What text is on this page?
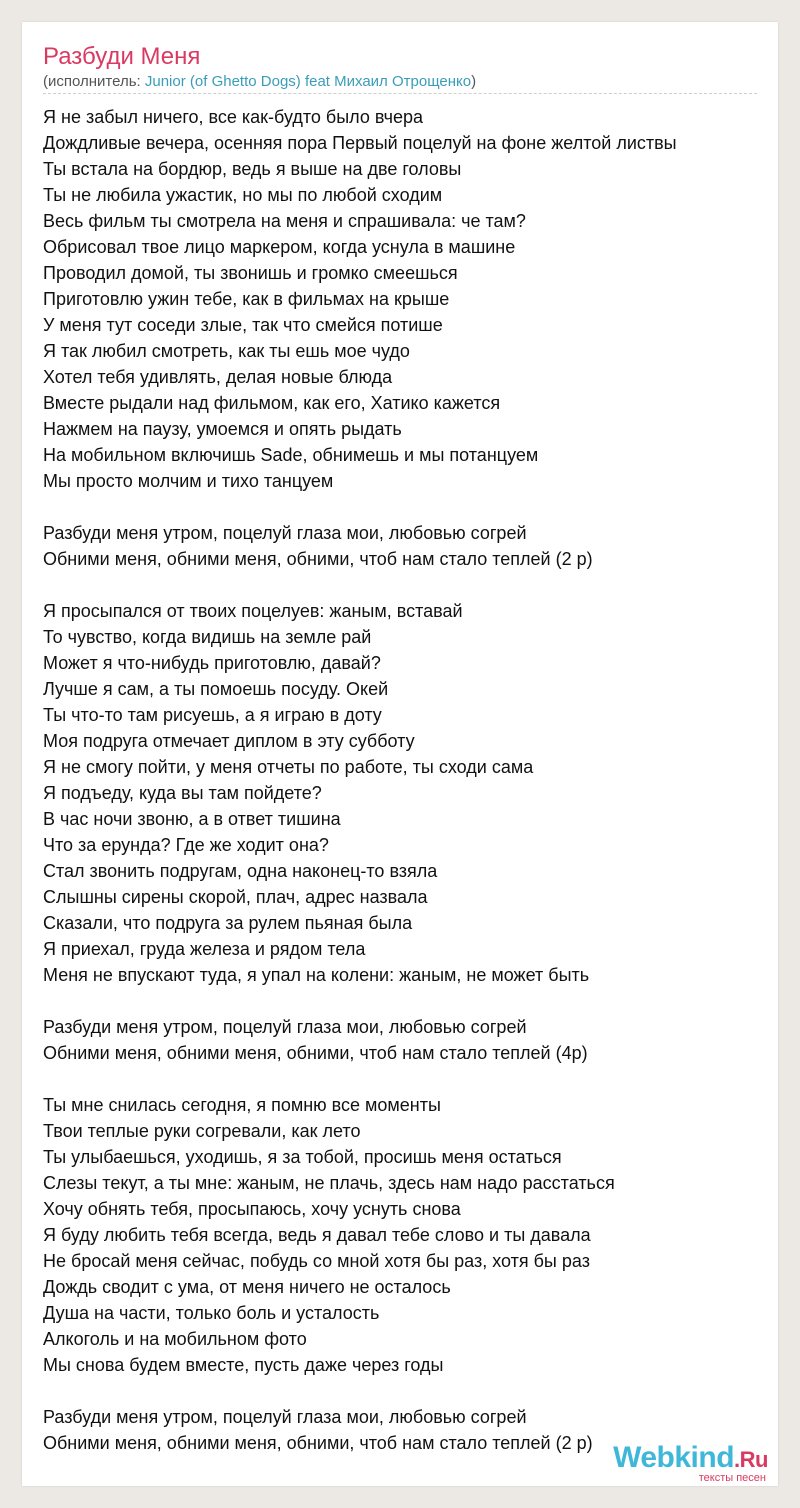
Разбуди Меня
(исполнитель: Junior (of Ghetto Dogs) feat Михаил Отрощенко)
Я не забыл ничего, все как-будто было вчера
Дождливые вечера, осенняя пора Первый поцелуй на фоне желтой листвы
Ты встала на бордюр, ведь я выше на две головы
Ты не любила ужастик, но мы по любой сходим
Весь фильм ты смотрела на меня и спрашивала: че там?
Обрисовал твое лицо маркером, когда уснула в машине
Проводил домой, ты звонишь и громко смеешься
Приготовлю ужин тебе, как в фильмах на крыше
У меня тут соседи злые, так что смейся потише
Я так любил смотреть, как ты ешь мое чудо
Хотел тебя удивлять, делая новые блюда
Вместе рыдали над фильмом, как его, Хатико кажется
Нажмем на паузу, умоемся и опять рыдать
На мобильном включишь Sade, обнимешь и мы потанцуем
Мы просто молчим и тихо танцуем
Разбуди меня утром, поцелуй глаза мои, любовью согрей
Обними меня, обними меня, обними, чтоб нам стало теплей (2 р)
Я просыпался от твоих поцелуев: жаным, вставай
То чувство, когда видишь на земле рай
Может я что-нибудь приготовлю, давай?
Лучше я сам, а ты помоешь посуду. Окей
Ты что-то там рисуешь, а я играю в доту
Моя подруга отмечает диплом в эту субботу
Я не смогу пойти, у меня отчеты по работе, ты сходи сама
Я подъеду, куда вы там пойдете?
В час ночи звоню, а в ответ тишина
Что за ерунда? Где же ходит она?
Стал звонить подругам, одна наконец-то взяла
Слышны сирены скорой, плач, адрес назвала
Сказали, что подруга за рулем пьяная была
Я приехал, груда железа и рядом тела
Меня не впускают туда, я упал на колени: жаным, не может быть
Разбуди меня утром, поцелуй глаза мои, любовью согрей
Обними меня, обними меня, обними, чтоб нам стало теплей (4р)
Ты мне снилась сегодня, я помню все моменты
Твои теплые руки согревали, как лето
Ты улыбаешься, уходишь, я за тобой, просишь меня остаться
Слезы текут, а ты мне: жаным, не плачь, здесь нам надо расстаться
Хочу обнять тебя, просыпаюсь, хочу уснуть снова
Я буду любить тебя всегда, ведь я давал тебе слово и ты давала
Не бросай меня сейчас, побудь со мной хотя бы раз, хотя бы раз
Дождь сводит с ума, от меня ничего не осталось
Душа на части, только боль и усталость
Алкоголь и на мобильном фото
Мы снова будем вместе, пусть даже через годы
Разбуди меня утром, поцелуй глаза мои, любовью согрей
Обними меня, обними меня, обними, чтоб нам стало теплей (2 р) Webkind.Ru
тексты песен
